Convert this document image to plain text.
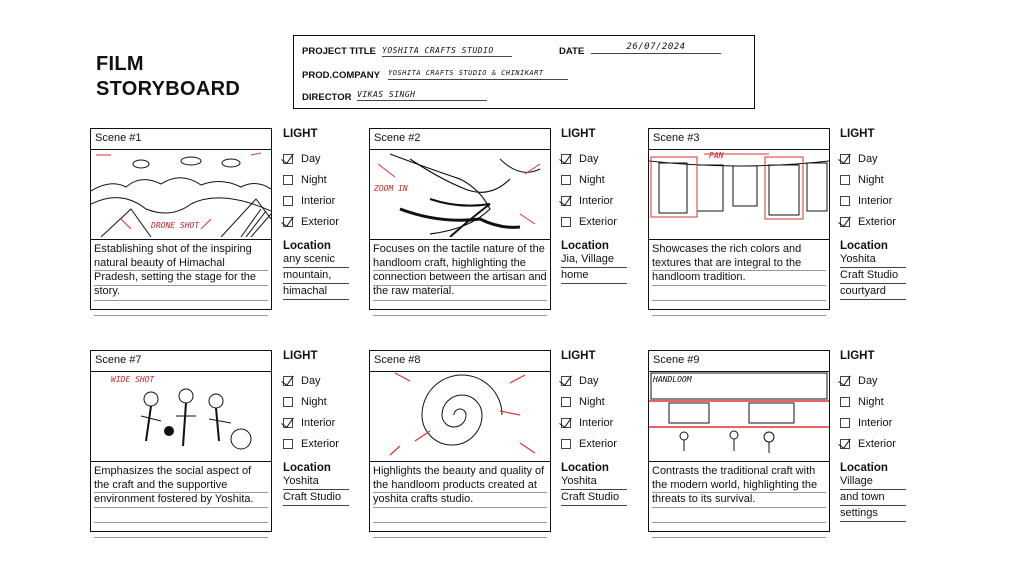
FILM
STORYBOARD
PROJECT TITLE YOSHITA CRAFTS STUDIO	DATE	26/07/2024
PROD.COMPANY YOSHITA CRAFTS STUDIO & CHINIKART
DIRECTOR VIKAS SINGH
Scene #1
DRONE SHOT
Establishing shot of the inspiring natural beauty of Himachal Pradesh, setting the stage for the story.
LIGHT
Day
Night
Interior
Exterior
Location
any scenic
mountain,
himachal
Scene #2
ZOOM IN
Focuses on the tactile nature of the handloom craft, highlighting the connection between the artisan and the raw material.
LIGHT
Day
Night
Interior
Exterior
Location
Jia, Village
home
Scene #3
PAN
Showcases the rich colors and textures that are integral to the handloom tradition.
LIGHT
Day
Night
Interior
Exterior
Location
Yoshita
Craft Studio
courtyard
Scene #7
WIDE SHOT
Emphasizes the social aspect of the craft and the supportive environment fostered by Yoshita.
LIGHT
Day
Night
Interior
Exterior
Location
Yoshita
Craft Studio
Scene #8
Highlights the beauty and quality of the handloom products created at yoshita crafts studio.
LIGHT
Day
Night
Interior
Exterior
Location
Yoshita
Craft Studio
Scene #9
HANDLOOM
Contrasts the traditional craft with the modern world, highlighting the threats to its survival.
LIGHT
Day
Night
Interior
Exterior
Location
Village
and town
settings
